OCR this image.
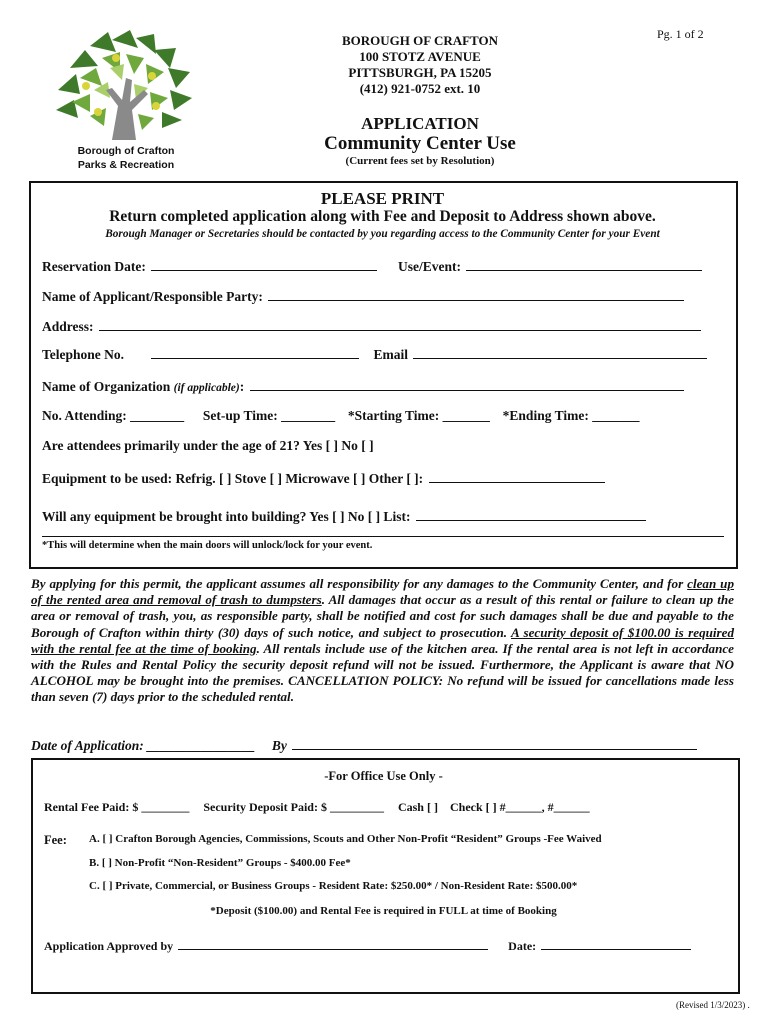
Pg. 1 of 2
Borough of Crafton
Parks & Recreation
BOROUGH OF CRAFTON
100 STOTZ AVENUE
PITTSBURGH, PA 15205
(412) 921-0752 ext. 10
APPLICATION
Community Center Use
(Current fees set by Resolution)
PLEASE PRINT
Return completed application along with Fee and Deposit to Address shown above.
Borough Manager or Secretaries should be contacted by you regarding access to the Community Center for your Event
Reservation Date:	Use/Event:
Name of Applicant/Responsible Party:
Address:
Telephone No.	Email
Name of Organization (if applicable):
No. Attending: ________ Set-up Time: ________ *Starting Time: _______ *Ending Time: _______
Are attendees primarily under the age of 21? Yes [ ] No [ ]
Equipment to be used: Refrig. [ ] Stove [ ] Microwave [ ] Other [ ]:
Will any equipment be brought into building? Yes [ ] No [ ] List:
*This will determine when the main doors will unlock/lock for your event.
By applying for this permit, the applicant assumes all responsibility for any damages to the Community Center, and for clean up of the rented area and removal of trash to dumpsters. All damages that occur as a result of this rental or failure to clean up the area or removal of trash, you, as responsible party, shall be notified and cost for such damages shall be due and payable to the Borough of Crafton within thirty (30) days of such notice, and subject to prosecution. A security deposit of $100.00 is required with the rental fee at the time of booking. All rentals include use of the kitchen area. If the rental area is not left in accordance with the Rules and Rental Policy the security deposit refund will not be issued. Furthermore, the Applicant is aware that NO ALCOHOL may be brought into the premises. CANCELLATION POLICY: No refund will be issued for cancellations made less than seven (7) days prior to the scheduled rental.
Date of Application: ________________ By
-For Office Use Only -
Rental Fee Paid: $ ________ Security Deposit Paid: $ _________ Cash [ ] Check [ ] #______, #______
Fee: A. [ ] Crafton Borough Agencies, Commissions, Scouts and Other Non-Profit “Resident” Groups -Fee Waived
B. [ ] Non-Profit “Non-Resident” Groups - $400.00 Fee*
C. [ ] Private, Commercial, or Business Groups - Resident Rate: $250.00* / Non-Resident Rate: $500.00*
*Deposit ($100.00) and Rental Fee is required in FULL at time of Booking
Application Approved by	Date:
(Revised 1/3/2023) .
